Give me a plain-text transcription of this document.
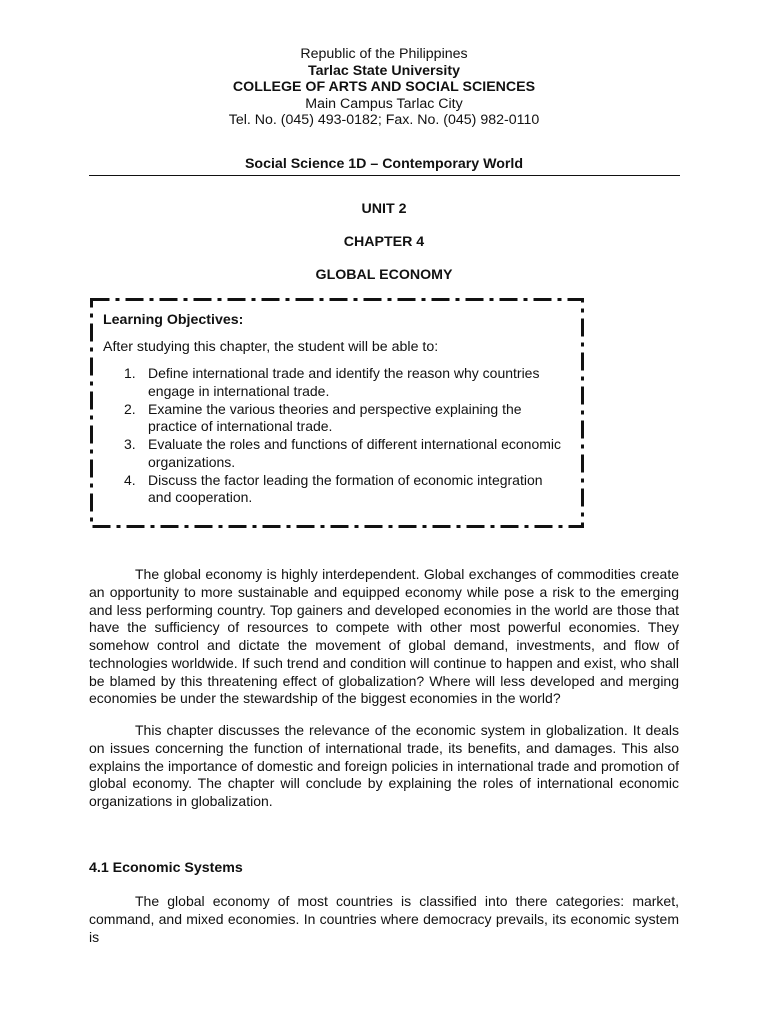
Republic of the Philippines
Tarlac State University
COLLEGE OF ARTS AND SOCIAL SCIENCES
Main Campus Tarlac City
Tel. No. (045) 493-0182; Fax. No. (045) 982-0110
Social Science 1D – Contemporary World
UNIT 2
CHAPTER 4
GLOBAL ECONOMY
Learning Objectives:
After studying this chapter, the student will be able to:
1. Define international trade and identify the reason why countries engage in international trade.
2. Examine the various theories and perspective explaining the practice of international trade.
3. Evaluate the roles and functions of different international economic organizations.
4. Discuss the factor leading the formation of economic integration and cooperation.

The global economy is highly interdependent. Global exchanges of commodities create an opportunity to more sustainable and equipped economy while pose a risk to the emerging and less performing country. Top gainers and developed economies in the world are those that have the sufficiency of resources to compete with other most powerful economies. They somehow control and dictate the movement of global demand, investments, and flow of technologies worldwide. If such trend and condition will continue to happen and exist, who shall be blamed by this threatening effect of globalization? Where will less developed and merging economies be under the stewardship of the biggest economies in the world?

This chapter discusses the relevance of the economic system in globalization. It deals on issues concerning the function of international trade, its benefits, and damages. This also explains the importance of domestic and foreign policies in international trade and promotion of global economy. The chapter will conclude by explaining the roles of international economic organizations in globalization.

4.1 Economic Systems

The global economy of most countries is classified into there categories: market, command, and mixed economies. In countries where democracy prevails, its economic system is
